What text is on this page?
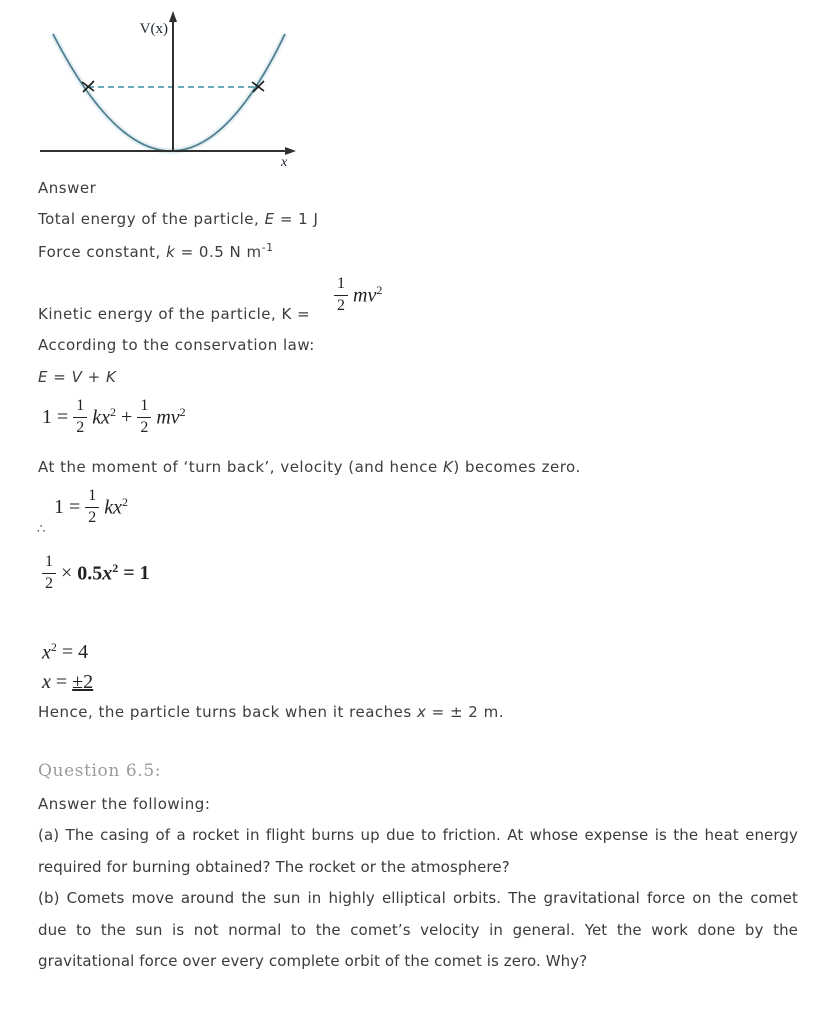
V(x)
x
Answer
Total energy of the particle, E = 1 J
Force constant, k = 0.5 N $m^{-1}$
Kinetic energy of the particle, $K = \frac{1}{2} mv^2$
According to the conservation law:
E = V + K
$1 = \frac{1}{2} kx^2 + \frac{1}{2} mv^2$
At the moment of ‘turn back’, velocity (and hence K) becomes zero.
∴
$1 = \frac{1}{2} kx^2$
$\frac{1}{2} \times 0.5x^2 = 1$
$x^2 = 4$
x = ±2
Hence, the particle turns back when it reaches x = ± 2 m.
Question 6.5:
Answer the following:
(a) The casing of a rocket in flight burns up due to friction. At whose expense is the heat energy required for burning obtained? The rocket or the atmosphere?
(b) Comets move around the sun in highly elliptical orbits. The gravitational force on the comet due to the sun is not normal to the comet’s velocity in general. Yet the work done by the gravitational force over every complete orbit of the comet is zero. Why?
